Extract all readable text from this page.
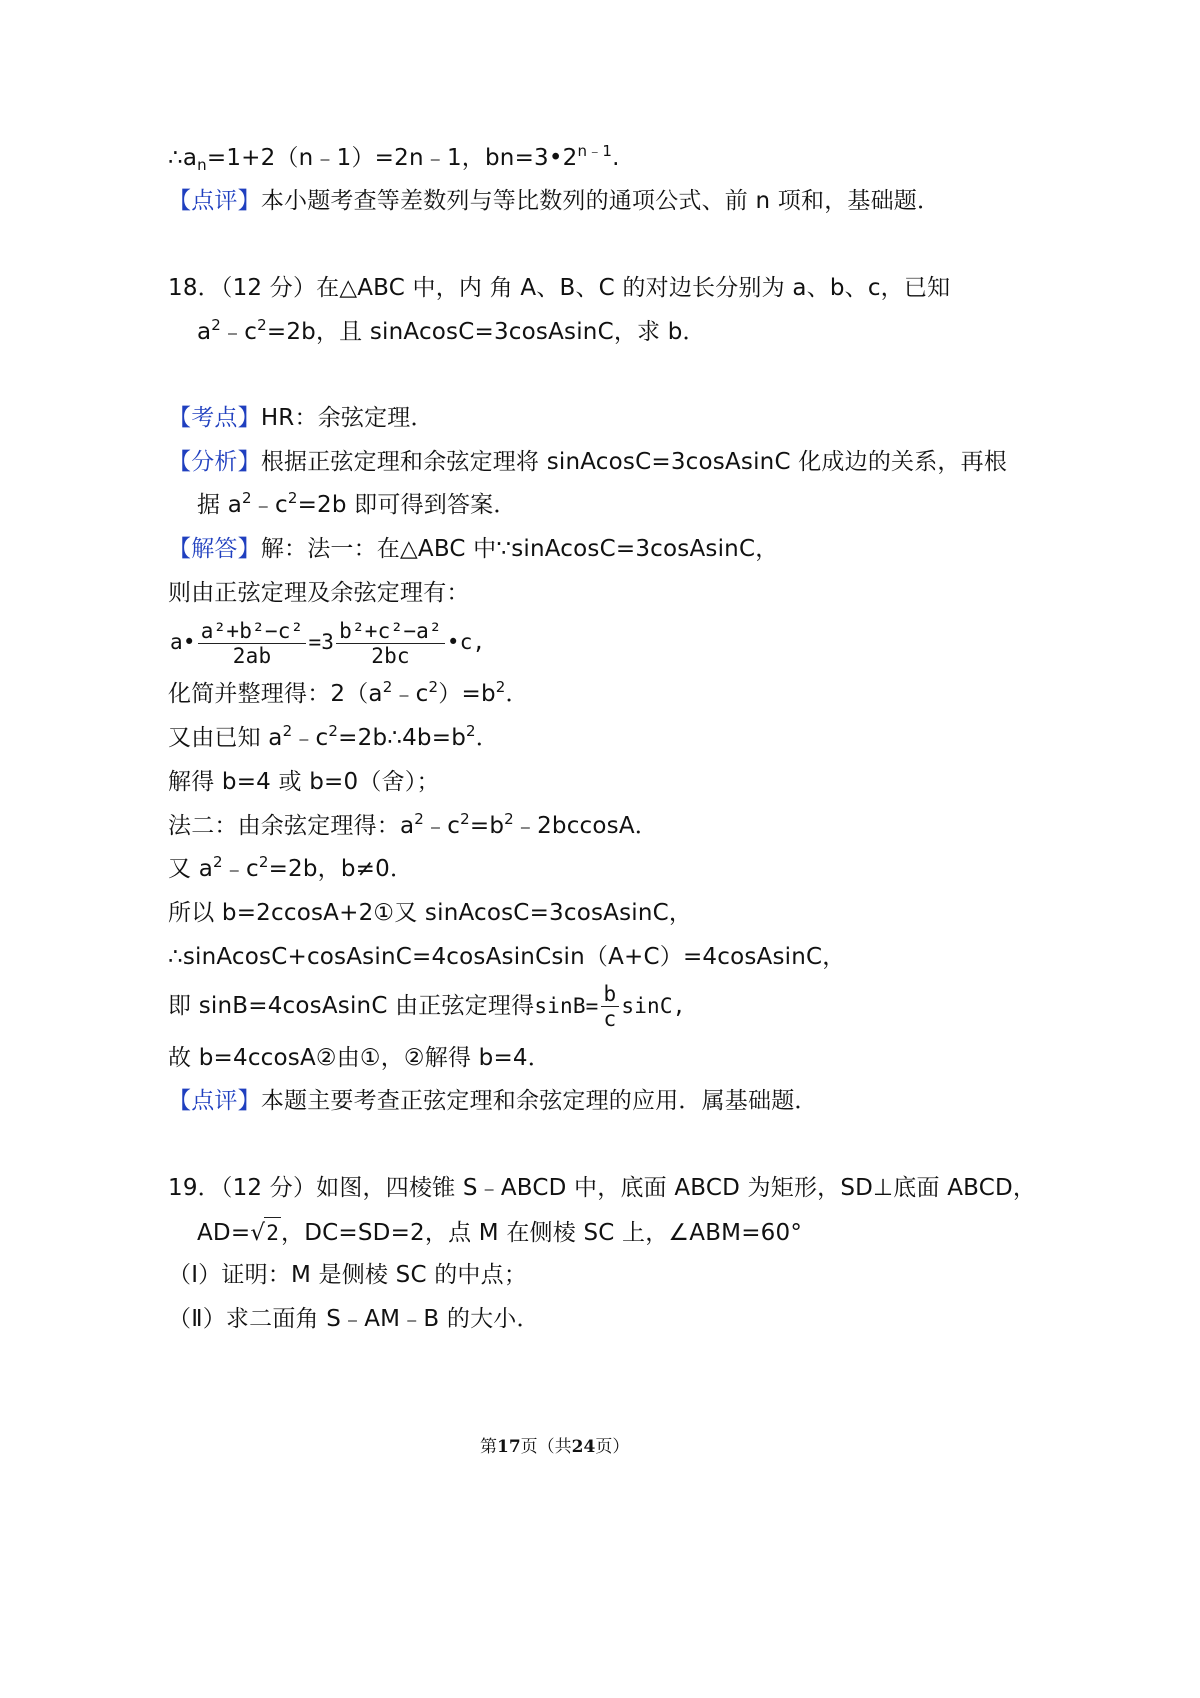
$\therefore a_n=1+2(n﹣1)=2n﹣1$，$bn=3•2^{n﹣1}$.
【点评】本小题考查等差数列与等比数列的通项公式、前 n 项和，基础题．
18．（12 分）在△ABC 中，内 角 A、B、C 的对边长分别为 a、b、c，已知
$a^2﹣c^2=2b$，且 sinAcosC=3cosAsinC，求 b．
【考点】HR：余弦定理．
【分析】根据正弦定理和余弦定理将 sinAcosC=3cosAsinC 化成边的关系，再根
据 $a^2﹣c^2=2b$ 即可得到答案．
【解答】解：法一：在△ABC 中∵sinAcosC=3cosAsinC，
则由正弦定理及余弦定理有：
a• $\frac{\text{a²+b²−c²}}{2ab} =3 \frac{\text{b²+c²−a²}}{2bc}$ •c,
化简并整理得：$2(a^2﹣c^2)=b^2$．
又由已知 $a^2﹣c^2=2b\therefore 4b=b^2$．
解得 b=4 或 b=0（舍）；
法二：由余弦定理得：$a^2﹣c^2=b^2﹣2bccosA$．
又 $a^2﹣c^2=2b$，b≠0．
所以 b=2ccosA+2①又 sinAcosC=3cosAsinC，
∴sinAcosC+cosAsinC=4cosAsinCsin（A+C）=4cosAsinC，
即 sinB=4cosAsinC 由正弦定理得$\sin B= \frac{b}{c} \sin C$,
故 b=4ccosA②由①，②解得 b=4．
【点评】本题主要考查正弦定理和余弦定理的应用．属基础题．
19．（12 分）如图，四棱锥 S﹣ABCD 中，底面 ABCD 为矩形，SD⊥底面 ABCD，
AD=√2，DC=SD=2，点 M 在侧棱 SC 上，∠ABM=60°
（I）证明：M 是侧棱 SC 的中点；
（Ⅱ）求二面角 S﹣AM﹣B 的大小．
第17页（共24页）
